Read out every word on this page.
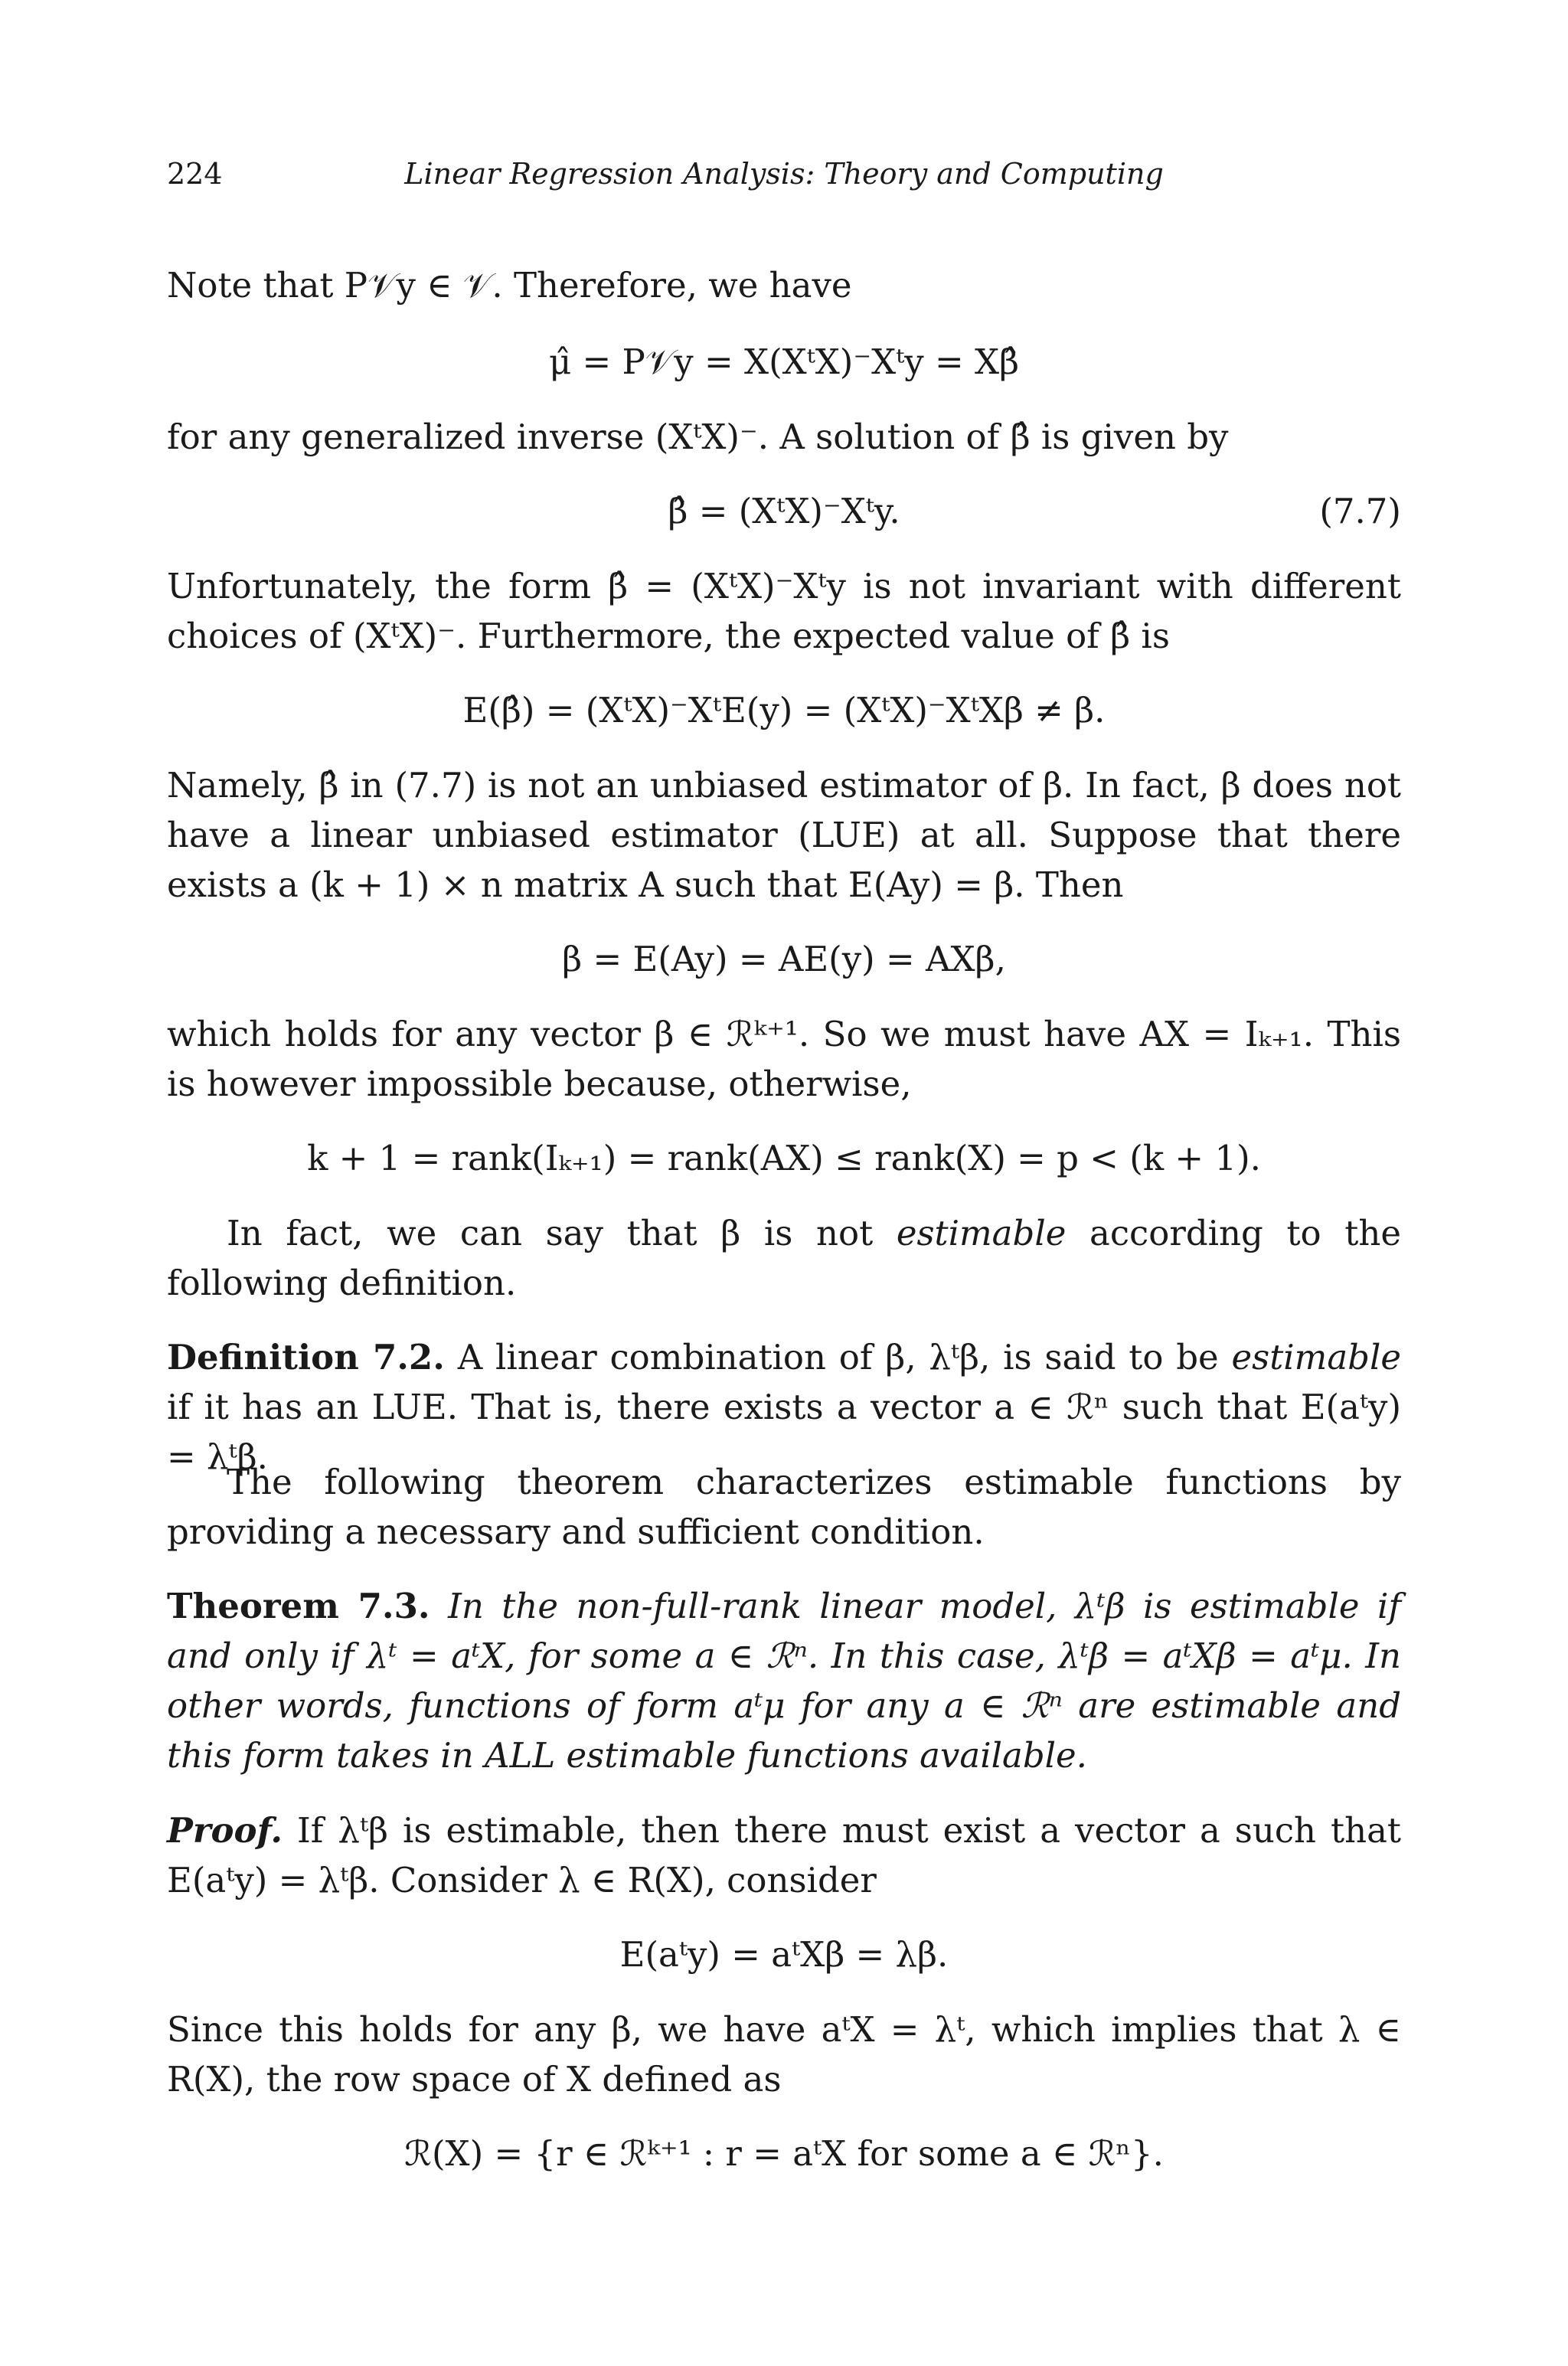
224	Linear Regression Analysis: Theory and Computing
Note that P𝒱y ∈ 𝒱. Therefore, we have
μ̂ = P𝒱y = X(XᵗX)⁻Xᵗy = Xβ̂
for any generalized inverse (XᵗX)⁻. A solution of β̂ is given by
β̂ = (XᵗX)⁻Xᵗy.	(7.7)
Unfortunately, the form β̂ = (XᵗX)⁻Xᵗy is not invariant with different choices of (XᵗX)⁻. Furthermore, the expected value of β̂ is
E(β̂) = (XᵗX)⁻XᵗE(y) = (XᵗX)⁻XᵗXβ ≠ β.
Namely, β̂ in (7.7) is not an unbiased estimator of β. In fact, β does not have a linear unbiased estimator (LUE) at all. Suppose that there exists a (k + 1) × n matrix A such that E(Ay) = β. Then
β = E(Ay) = AE(y) = AXβ,
which holds for any vector β ∈ ℛᵏ⁺¹. So we must have AX = Iₖ₊₁. This is however impossible because, otherwise,
k + 1 = rank(Iₖ₊₁) = rank(AX) ≤ rank(X) = p < (k + 1).
In fact, we can say that β is not estimable according to the following definition.
Definition 7.2. A linear combination of β, λᵗβ, is said to be estimable if it has an LUE. That is, there exists a vector a ∈ ℛⁿ such that E(aᵗy) = λᵗβ.
The following theorem characterizes estimable functions by providing a necessary and sufficient condition.
Theorem 7.3. In the non-full-rank linear model, λᵗβ is estimable if and only if λᵗ = aᵗX, for some a ∈ ℛⁿ. In this case, λᵗβ = aᵗXβ = aᵗμ. In other words, functions of form aᵗμ for any a ∈ ℛⁿ are estimable and this form takes in ALL estimable functions available.
Proof. If λᵗβ is estimable, then there must exist a vector a such that E(aᵗy) = λᵗβ. Consider λ ∈ R(X), consider
E(aᵗy) = aᵗXβ = λβ.
Since this holds for any β, we have aᵗX = λᵗ, which implies that λ ∈ R(X), the row space of X defined as
ℛ(X) = {r ∈ ℛᵏ⁺¹ : r = aᵗX for some a ∈ ℛⁿ}.
